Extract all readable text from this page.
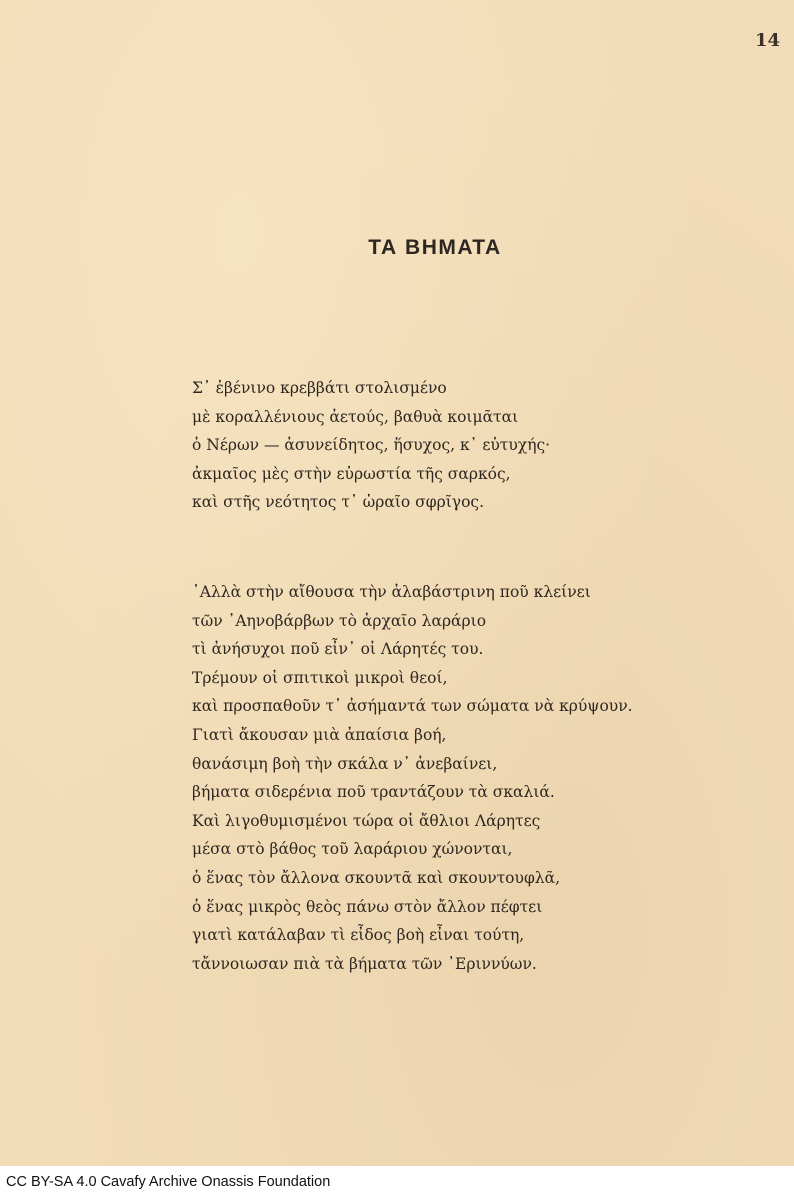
14
ΤΑ ΒΗΜΑΤΑ
Σ᾽ ἐβένινο κρεββάτι στολισμένο
μὲ κοραλλένιους ἀετούς, βαθυὰ κοιμᾶται
ὁ Νέρων — ἀσυνείδητος, ἥσυχος, κ᾽ εὐτυχής·
ἀκμαῖος μὲς στὴν εὐρωστία τῆς σαρκός,
καὶ στῆς νεότητος τ᾽ ὡραῖο σφρῖγος.
᾽Αλλὰ στὴν αἴθουσα τὴν ἀλαβάστρινη ποῦ κλείνει
τῶν ᾽Αηνοβάρβων τὸ ἀρχαῖο λαράριο
τὶ ἀνήσυχοι ποῦ εἶν᾽ οἱ Λάρητές του.
Τρέμουν οἱ σπιτικοὶ μικροὶ θεοί,
καὶ προσπαθοῦν τ᾽ ἀσήμαντά των σώματα νὰ κρύψουν.
Γιατὶ ἄκουσαν μιὰ ἀπαίσια βοή,
θανάσιμη βοὴ τὴν σκάλα ν᾽ ἀνεβαίνει,
βήματα σιδερένια ποῦ τραντάζουν τὰ σκαλιά.
Καὶ λιγοθυμισμένοι τώρα οἱ ἄθλιοι Λάρητες
μέσα στὸ βάθος τοῦ λαράριου χώνονται,
ὁ ἕνας τὸν ἄλλονα σκουντᾶ καὶ σκουντουφλᾶ,
ὁ ἕνας μικρὸς θεὸς πάνω στὸν ἄλλον πέφτει
γιατὶ κατάλαβαν τὶ εἶδος βοὴ εἶναι τούτη,
τἄννοιωσαν πιὰ τὰ βήματα τῶν ᾽Εριννύων.
CC BY-SA 4.0 Cavafy Archive Onassis Foundation
